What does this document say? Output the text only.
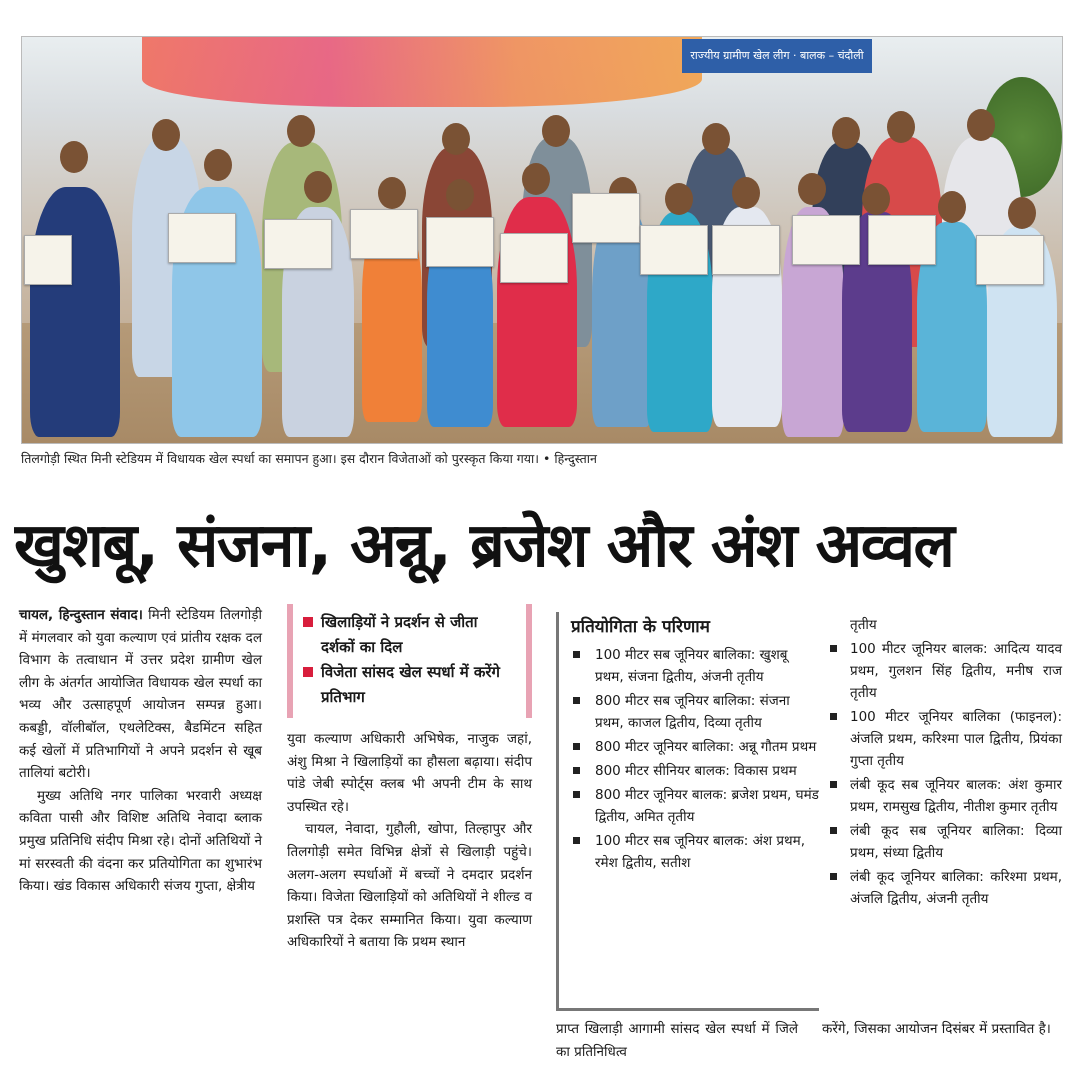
राज्यीय ग्रामीण खेल लीग · बालक – चंदौली
तिलगोड़ी स्थित मिनी स्टेडियम में विधायक खेल स्पर्धा का समापन हुआ। इस दौरान विजेताओं को पुरस्कृत किया गया। • हिन्दुस्तान
खुशबू, संजना, अन्नू, ब्रजेश और अंश अव्वल

चायल, हिन्दुस्तान संवाद। मिनी स्टेडियम तिलगोड़ी में मंगलवार को युवा कल्याण एवं प्रांतीय रक्षक दल विभाग के तत्वाधान में उत्तर प्रदेश ग्रामीण खेल लीग के अंतर्गत आयोजित विधायक खेल स्पर्धा का भव्य और उत्साहपूर्ण आयोजन सम्पन्न हुआ। कबड्डी, वॉलीबॉल, एथलेटिक्स, बैडमिंटन सहित कई खेलों में प्रतिभागियों ने अपने प्रदर्शन से खूब तालियां बटोरी।

मुख्य अतिथि नगर पालिका भरवारी अध्यक्ष कविता पासी और विशिष्ट अतिथि नेवादा ब्लाक प्रमुख प्रतिनिधि संदीप मिश्रा रहे। दोनों अतिथियों ने मां सरस्वती की वंदना कर प्रतियोगिता का शुभारंभ किया। खंड विकास अधिकारी संजय गुप्ता, क्षेत्रीय

खिलाड़ियों ने प्रदर्शन से जीता दर्शकों का दिल
विजेता सांसद खेल स्पर्धा में करेंगे प्रतिभाग

युवा कल्याण अधिकारी अभिषेक, नाजुक जहां, अंशु मिश्रा ने खिलाड़ियों का हौसला बढ़ाया। संदीप पांडे जेबी स्पोर्ट्स क्लब भी अपनी टीम के साथ उपस्थित रहे।

चायल, नेवादा, गुहौली, खोपा, तिल्हापुर और तिलगोड़ी समेत विभिन्न क्षेत्रों से खिलाड़ी पहुंचे। अलग-अलग स्पर्धाओं में बच्चों ने दमदार प्रदर्शन किया। विजेता खिलाड़ियों को अतिथियों ने शील्ड व प्रशस्ति पत्र देकर सम्मानित किया। युवा कल्याण अधिकारियों ने बताया कि प्रथम स्थान

प्रतियोगिता के परिणाम
100 मीटर सब जूनियर बालिका: खुशबू प्रथम, संजना द्वितीय, अंजनी तृतीय
800 मीटर सब जूनियर बालिका: संजना प्रथम, काजल द्वितीय, दिव्या तृतीय
800 मीटर जूनियर बालिका: अन्नू गौतम प्रथम
800 मीटर सीनियर बालक: विकास प्रथम
800 मीटर जूनियर बालक: ब्रजेश प्रथम, घमंड द्वितीय, अमित तृतीय
100 मीटर सब जूनियर बालक: अंश प्रथम, रमेश द्वितीय, सतीश
तृतीय
100 मीटर जूनियर बालक: आदित्य यादव प्रथम, गुलशन सिंह द्वितीय, मनीष राज तृतीय
100 मीटर जूनियर बालिका (फाइनल): अंजलि प्रथम, करिश्मा पाल द्वितीय, प्रियंका गुप्ता तृतीय
लंबी कूद सब जूनियर बालक: अंश कुमार प्रथम, रामसुख द्वितीय, नीतीश कुमार तृतीय
लंबी कूद सब जूनियर बालिका: दिव्या प्रथम, संध्या द्वितीय
लंबी कूद जूनियर बालिका: करिश्मा प्रथम, अंजलि द्वितीय, अंजनी तृतीय
प्राप्त खिलाड़ी आगामी सांसद खेल स्पर्धा में जिले का प्रतिनिधित्व
करेंगे, जिसका आयोजन दिसंबर में प्रस्तावित है।
